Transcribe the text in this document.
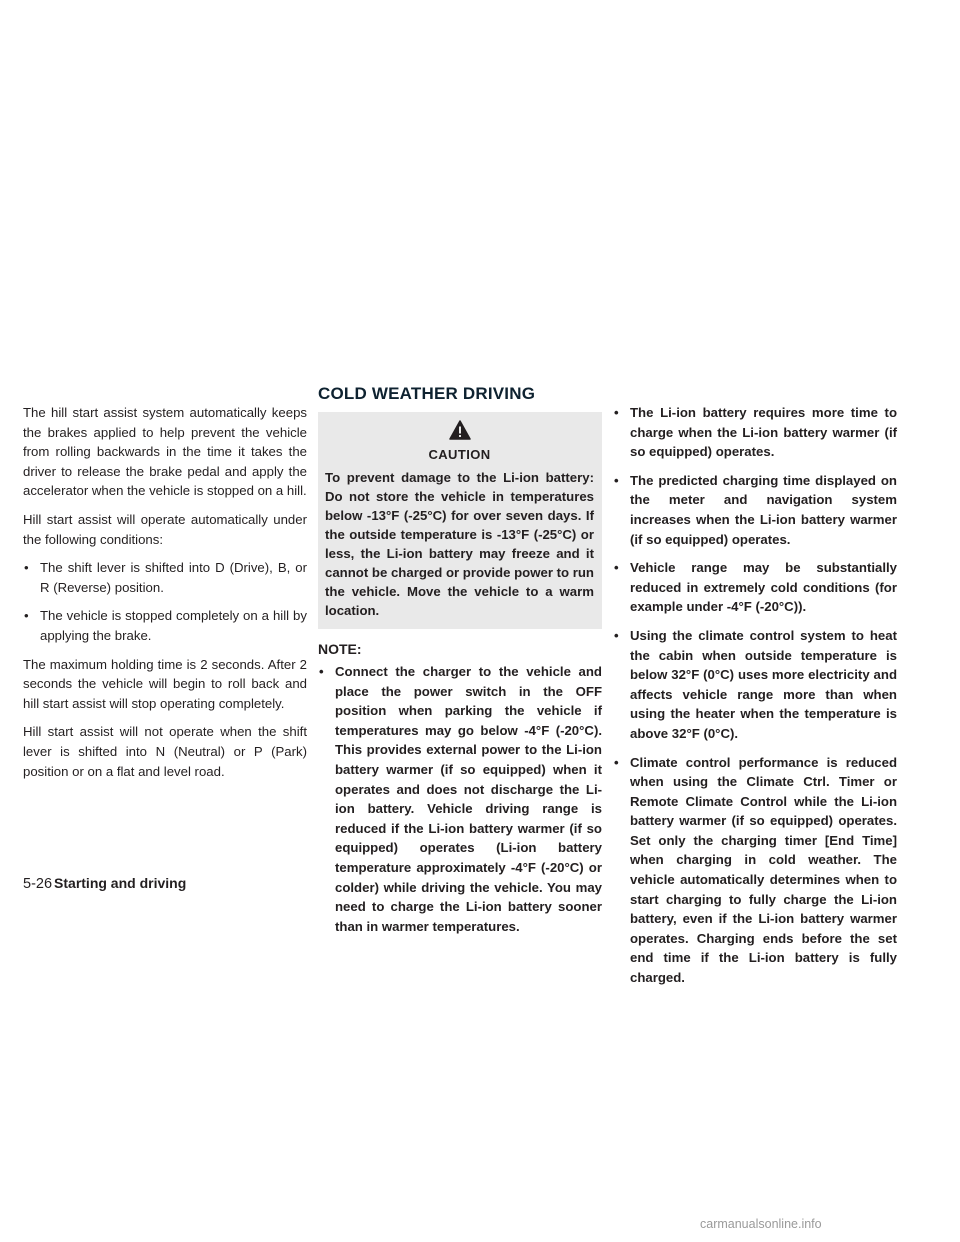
The hill start assist system automatically keeps the brakes applied to help prevent the vehicle from rolling backwards in the time it takes the driver to release the brake pedal and apply the accelerator when the vehicle is stopped on a hill.

Hill start assist will operate automatically under the following conditions:

• The shift lever is shifted into D (Drive), B, or R (Reverse) position.
• The vehicle is stopped completely on a hill by applying the brake.

The maximum holding time is 2 seconds. After 2 seconds the vehicle will begin to roll back and hill start assist will stop operating completely.

Hill start assist will not operate when the shift lever is shifted into N (Neutral) or P (Park) position or on a flat and level road.

COLD WEATHER DRIVING
CAUTION

To prevent damage to the Li-ion battery: Do not store the vehicle in temperatures below -13°F (-25°C) for over seven days. If the outside temperature is -13°F (-25°C) or less, the Li-ion battery may freeze and it cannot be charged or provide power to run the vehicle. Move the vehicle to a warm location.

NOTE:
• Connect the charger to the vehicle and place the power switch in the OFF position when parking the vehicle if temperatures may go below -4°F (-20°C). This provides external power to the Li-ion battery warmer (if so equipped) when it operates and does not discharge the Li-ion battery. Vehicle driving range is reduced if the Li-ion battery warmer (if so equipped) operates (Li-ion battery temperature approximately -4°F (-20°C) or colder) while driving the vehicle. You may need to charge the Li-ion battery sooner than in warmer temperatures.
• The Li-ion battery requires more time to charge when the Li-ion battery warmer (if so equipped) operates.
• The predicted charging time displayed on the meter and navigation system increases when the Li-ion battery warmer (if so equipped) operates.
• Vehicle range may be substantially reduced in extremely cold conditions (for example under -4°F (-20°C)).
• Using the climate control system to heat the cabin when outside temperature is below 32°F (0°C) uses more electricity and affects vehicle range more than when using the heater when the temperature is above 32°F (0°C).
• Climate control performance is reduced when using the Climate Ctrl. Timer or Remote Climate Control while the Li-ion battery warmer (if so equipped) operates. Set only the charging timer [End Time] when charging in cold weather. The vehicle automatically determines when to start charging to fully charge the Li-ion battery, even if the Li-ion battery warmer operates. Charging ends before the set end time if the Li-ion battery is fully charged.
5-26 Starting and driving
carmanualsonline.info
